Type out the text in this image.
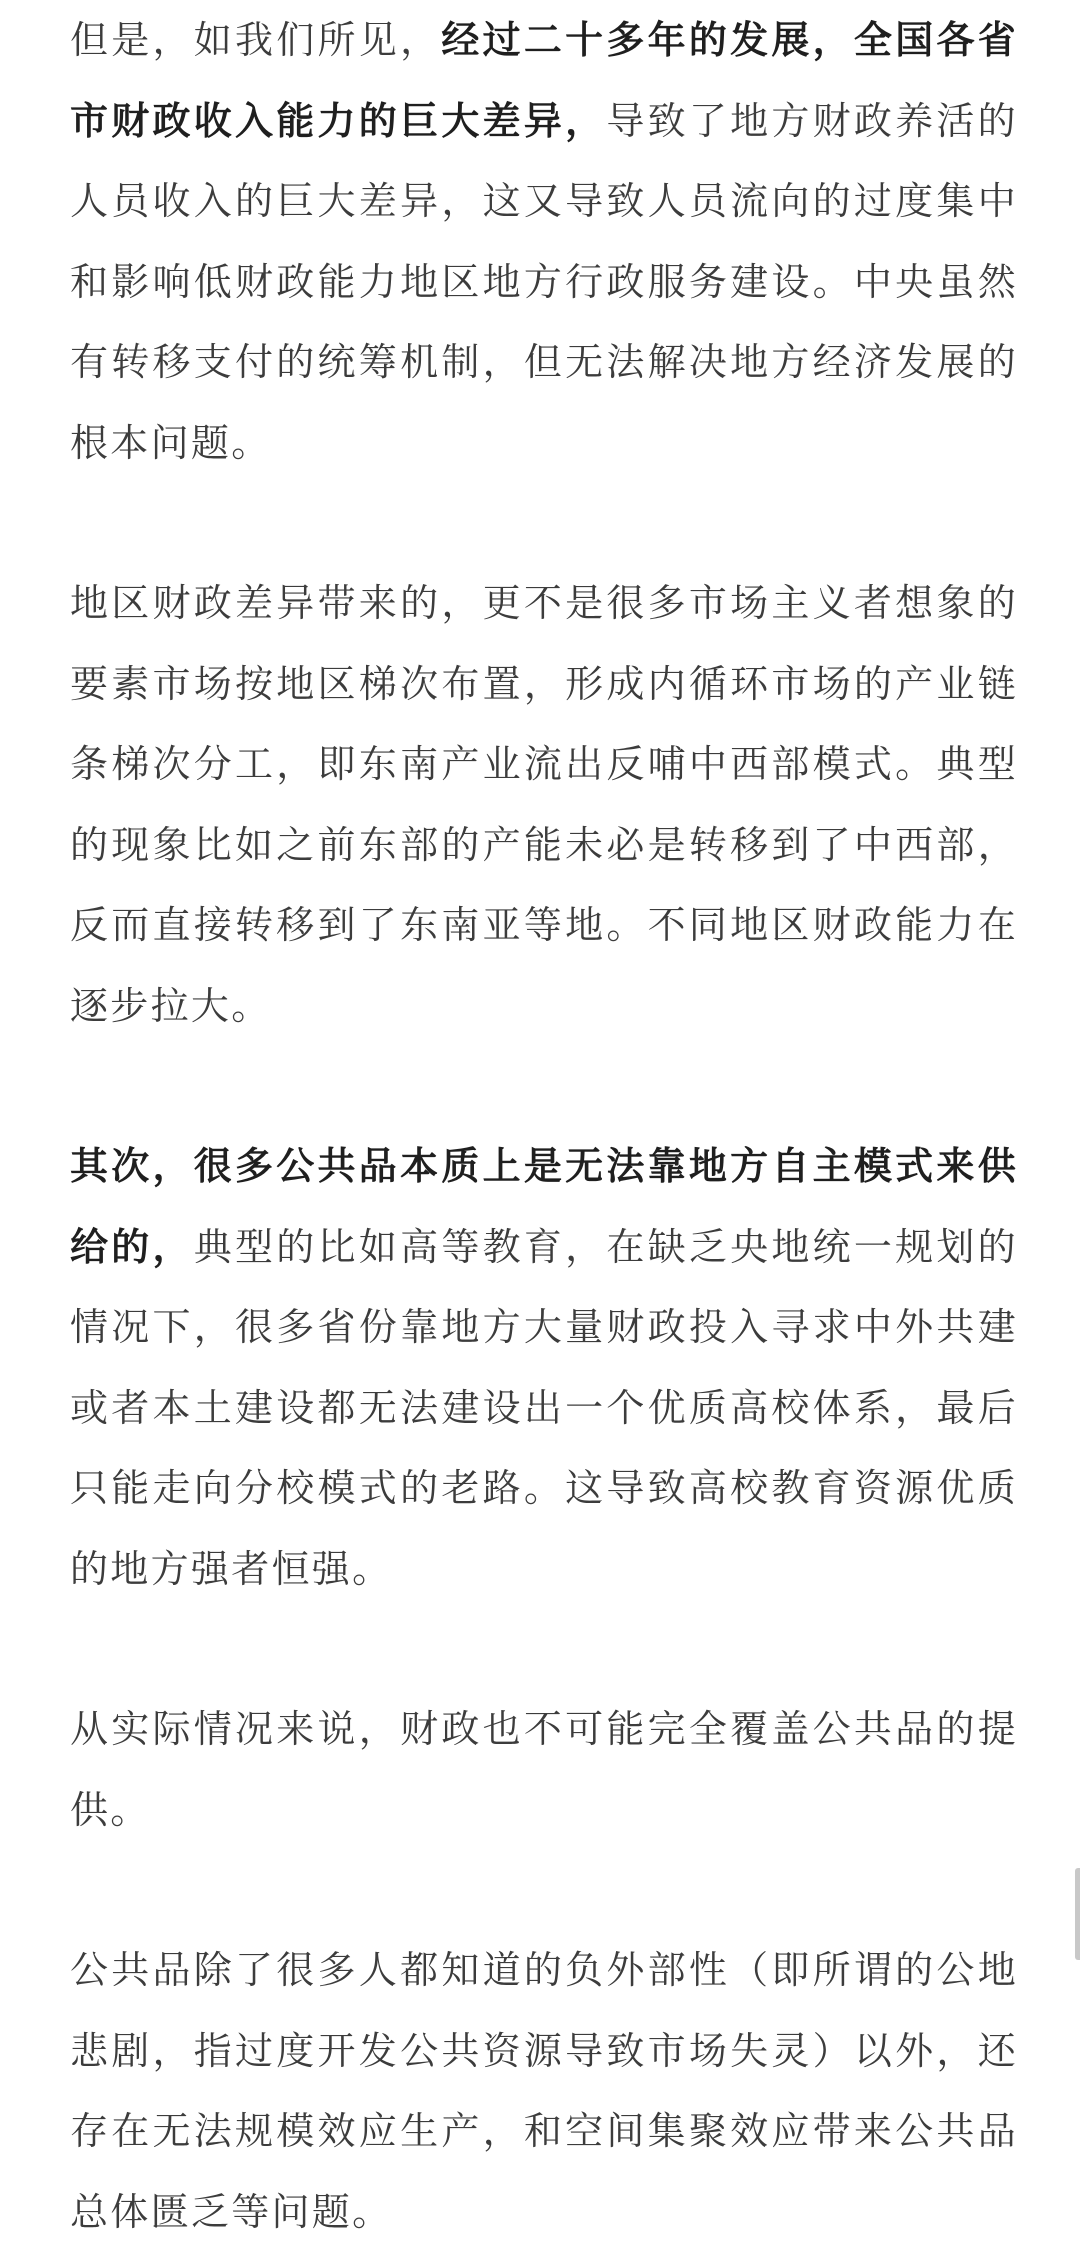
但是，如我们所见，经过二十多年的发展，全国各省市财政收入能力的巨大差异，导致了地方财政养活的人员收入的巨大差异，这又导致人员流向的过度集中和影响低财政能力地区地方行政服务建设。中央虽然有转移支付的统筹机制，但无法解决地方经济发展的根本问题。

地区财政差异带来的，更不是很多市场主义者想象的要素市场按地区梯次布置，形成内循环市场的产业链条梯次分工，即东南产业流出反哺中西部模式。典型的现象比如之前东部的产能未必是转移到了中西部，反而直接转移到了东南亚等地。不同地区财政能力在逐步拉大。

其次，很多公共品本质上是无法靠地方自主模式来供给的，典型的比如高等教育，在缺乏央地统一规划的情况下，很多省份靠地方大量财政投入寻求中外共建或者本土建设都无法建设出一个优质高校体系，最后只能走向分校模式的老路。这导致高校教育资源优质的地方强者恒强。

从实际情况来说，财政也不可能完全覆盖公共品的提供。

公共品除了很多人都知道的负外部性（即所谓的公地悲剧，指过度开发公共资源导致市场失灵）以外，还存在无法规模效应生产，和空间集聚效应带来公共品总体匮乏等问题。
